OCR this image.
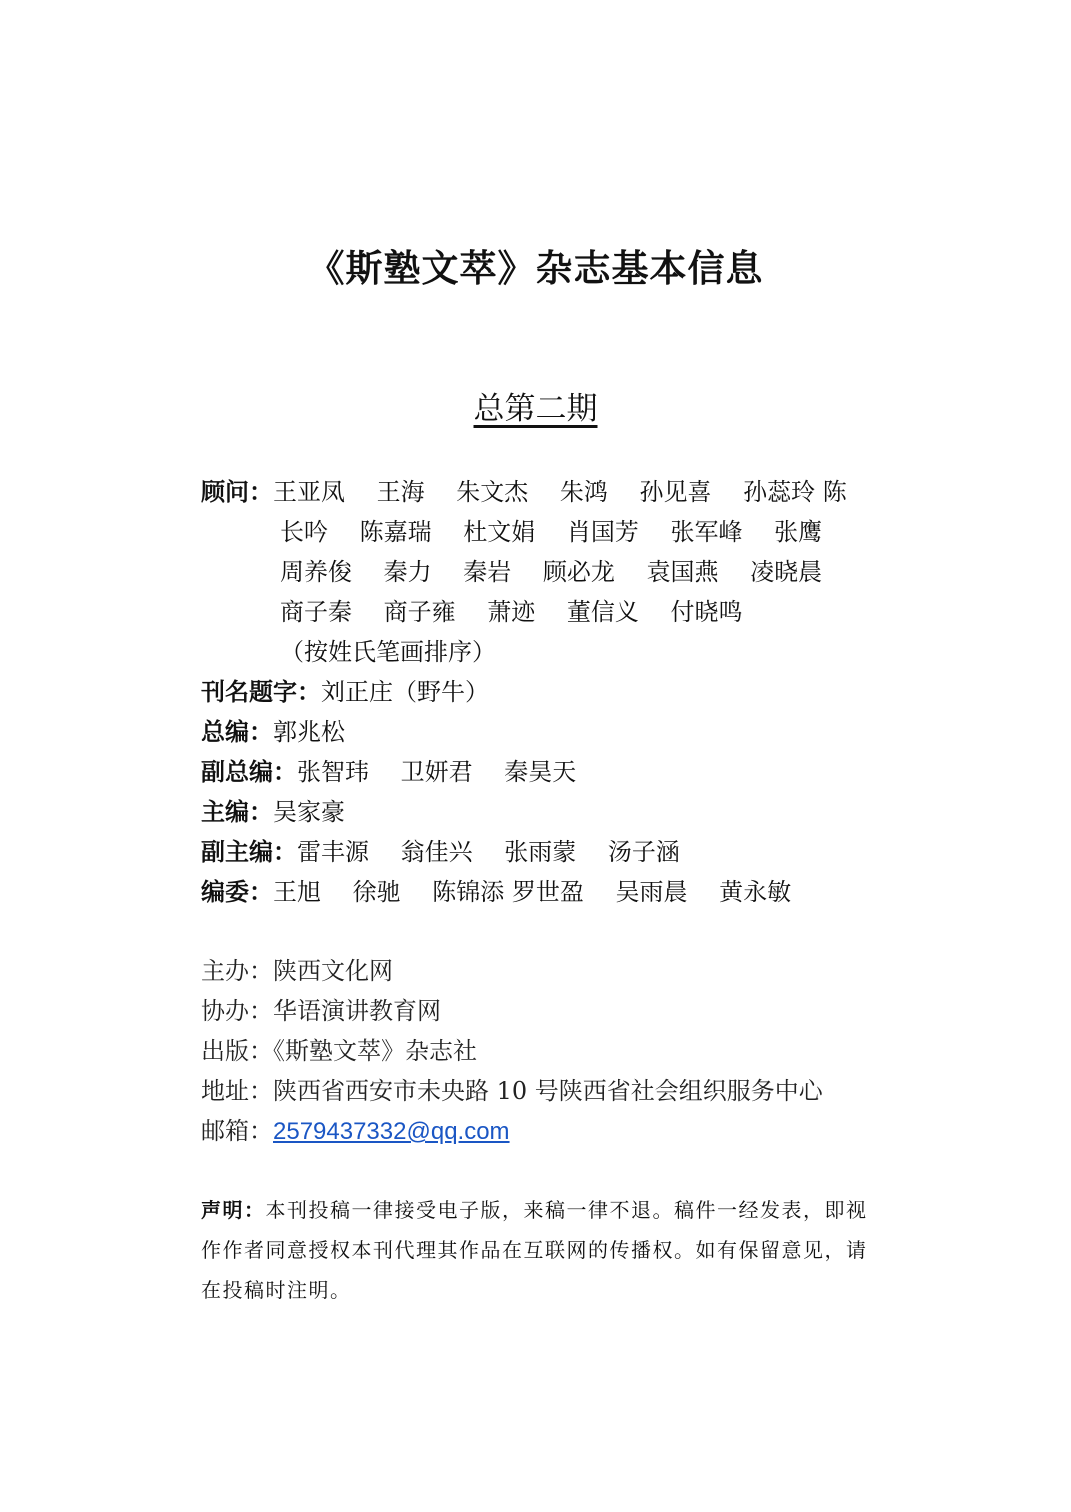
《斯塾文萃》杂志基本信息
总第二期
顾问：王亚凤　 王海　 朱文杰　 朱鸿　 孙见喜　 孙蕊玲 陈
长吟　 陈嘉瑞　 杜文娟　 肖国芳　 张军峰　 张鹰
周养俊　 秦力　 秦岩　 顾必龙　 袁国燕　 凌晓晨
商子秦　 商子雍　 萧迹　 董信义　 付晓鸣
（按姓氏笔画排序）
刊名题字：刘正庄（野牛）
总编：郭兆松
副总编：张智玮　 卫妍君　 秦昊天
主编：吴家豪
副主编：雷丰源　 翁佳兴　 张雨蒙　 汤子涵
编委：王旭　 徐驰　 陈锦添 罗世盈　 吴雨晨　 黄永敏
主办：陕西文化网
协办：华语演讲教育网
出版：《斯塾文萃》杂志社
地址：陕西省西安市未央路 10 号陕西省社会组织服务中心
邮箱：2579437332@qq.com
声明：本刊投稿一律接受电子版，来稿一律不退。稿件一经发表，即视作作者同意授权本刊代理其作品在互联网的传播权。如有保留意见，请在投稿时注明。
